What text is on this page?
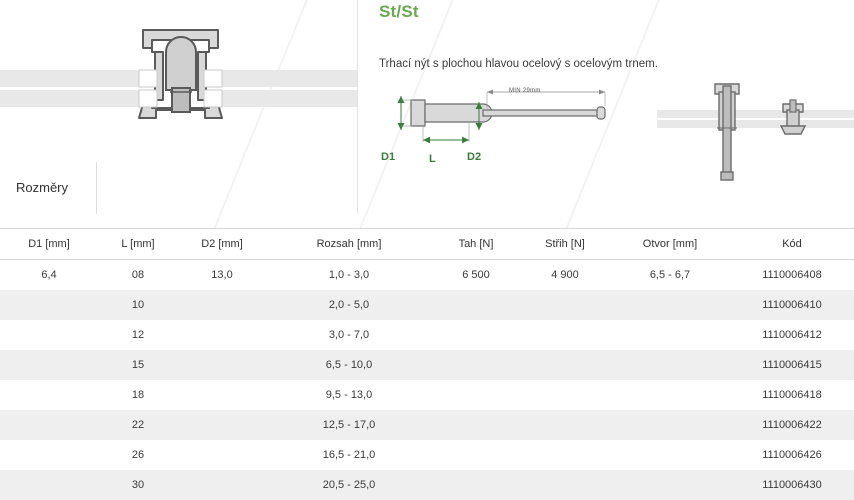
St/St
Trhací nýt s plochou hlavou ocelový s ocelovým trnem.
MIN 29mm
D1	L	D2
Rozměry
D1 [mm]	L [mm]	D2 [mm]	Rozsah [mm]	Tah [N]	Střih [N]	Otvor [mm]	Kód
6,4	08	13,0	1,0 - 3,0	6 500	4 900	6,5 - 6,7	1110006408
	10		2,0 - 5,0				1110006410
	12		3,0 - 7,0				1110006412
	15		6,5 - 10,0				1110006415
	18		9,5 - 13,0				1110006418
	22		12,5 - 17,0				1110006422
	26		16,5 - 21,0				1110006426
	30		20,5 - 25,0				1110006430
